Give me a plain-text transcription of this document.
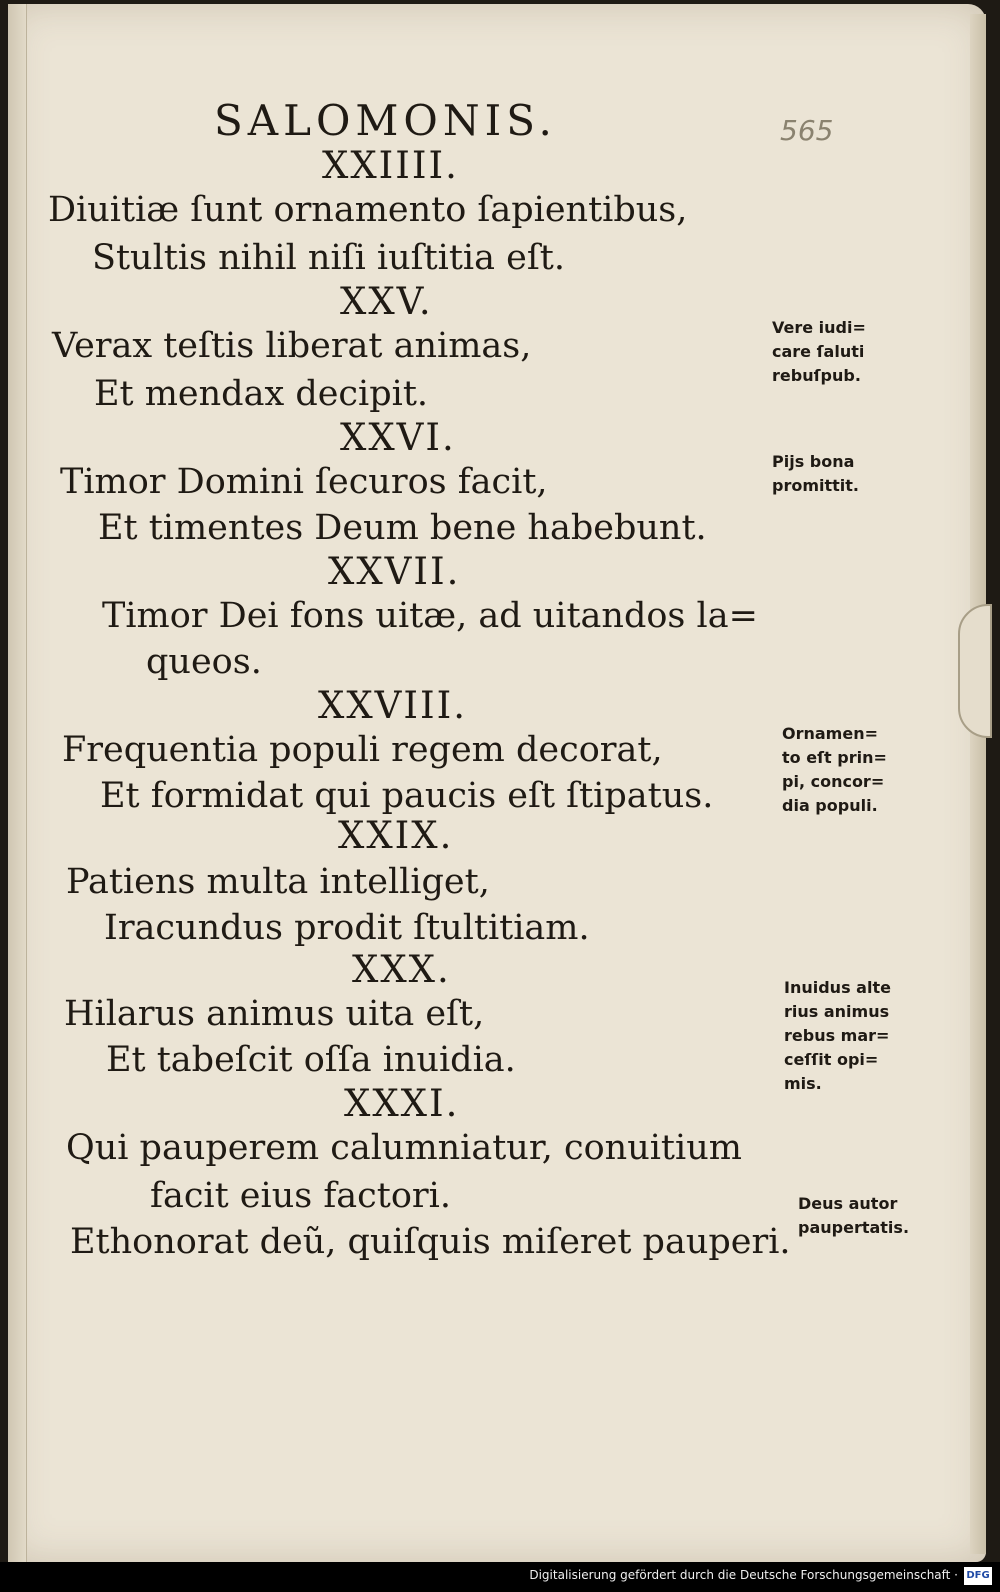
SALOMONIS.	565
XXIIII.
Diuitiæ ſunt ornamento ſapientibus,
Stultis nihil niſi iuſtitia eſt.
XXV.
Verax teſtis liberat animas,
Et mendax decipit.
XXVI.
Timor Domini ſecuros facit,
Et timentes Deum bene habebunt.
XXVII.
Timor Dei fons uitæ, ad uitandos la=
queos.
XXVIII.
Frequentia populi regem decorat,
Et formidat qui paucis eſt ſtipatus.
XXIX.
Patiens multa intelliget,
Iracundus prodit ſtultitiam.
XXX.
Hilarus animus uita eſt,
Et tabeſcit oſſa inuidia.
XXXI.
Qui pauperem calumniatur, conuitium
facit eius factori.
Ethonorat deũ, quiſquis miſeret pauperi.
Vere iudi=
care ſaluti
rebuſpub.
Pijs bona
promittit.
Ornamen=
to eſt prin=
pi, concor=
dia populi.
Inuidus alte
rius animus
rebus mar=
ceſſit opi=
mis.
Deus autor
paupertatis.
Digitalisierung gefördert durch die Deutsche Forschungsgemeinschaft · DFG
